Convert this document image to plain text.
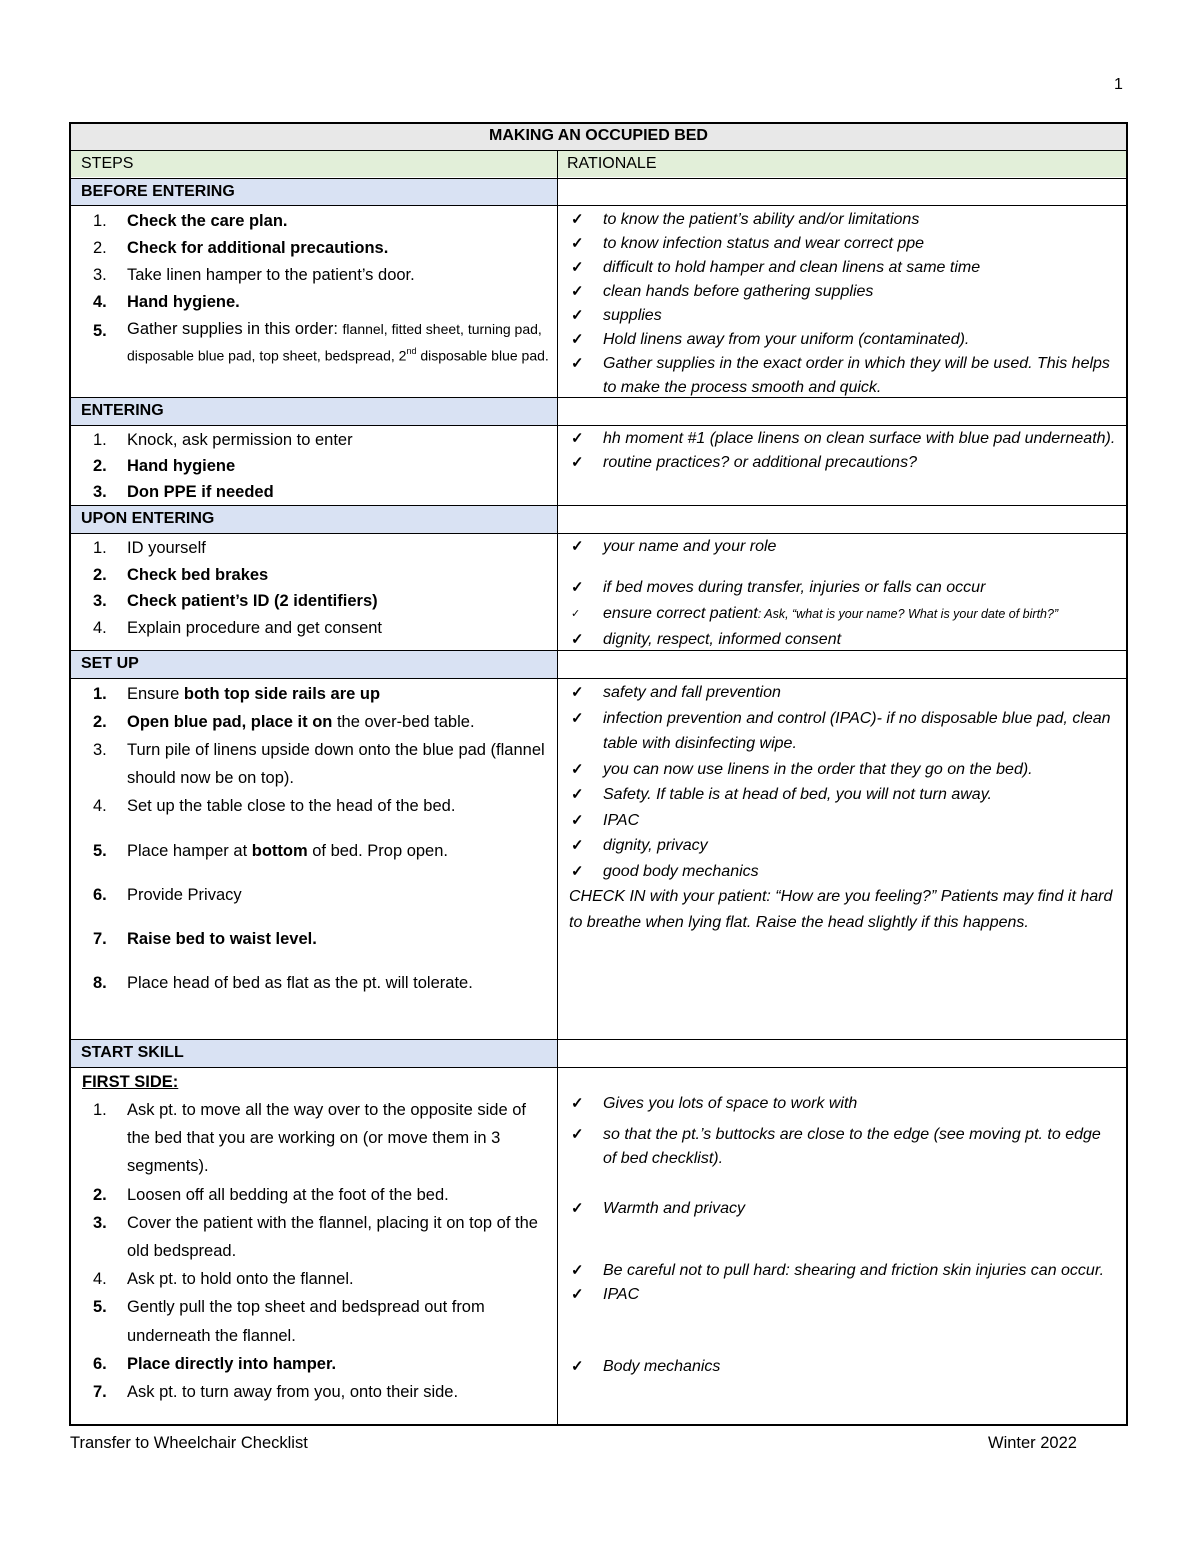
1
MAKING AN OCCUPIED BED
STEPS	RATIONALE
BEFORE ENTERING
1. Check the care plan.
2. Check for additional precautions.
3. Take linen hamper to the patient’s door.
4. Hand hygiene.
5. Gather supplies in this order: flannel, fitted sheet, turning pad, disposable blue pad, top sheet, bedspread, 2nd disposable blue pad.
✓ to know the patient’s ability and/or limitations
✓ to know infection status and wear correct ppe
✓ difficult to hold hamper and clean linens at same time
✓ clean hands before gathering supplies
✓ supplies
✓ Hold linens away from your uniform (contaminated).
✓ Gather supplies in the exact order in which they will be used. This helps to make the process smooth and quick.
ENTERING
1. Knock, ask permission to enter
2. Hand hygiene
3. Don PPE if needed
✓ hh moment #1 (place linens on clean surface with blue pad underneath).
✓ routine practices? or additional precautions?
UPON ENTERING
1. ID yourself
2. Check bed brakes
3. Check patient’s ID (2 identifiers)
4. Explain procedure and get consent
✓ your name and your role
✓ if bed moves during transfer, injuries or falls can occur
✓ ensure correct patient: Ask, “what is your name? What is your date of birth?”
✓ dignity, respect, informed consent
SET UP
1. Ensure both top side rails are up
2. Open blue pad, place it on the over-bed table.
3. Turn pile of linens upside down onto the blue pad (flannel should now be on top).
4. Set up the table close to the head of the bed.
5. Place hamper at bottom of bed. Prop open.
6. Provide Privacy
7. Raise bed to waist level.
8. Place head of bed as flat as the pt. will tolerate.
✓ safety and fall prevention
✓ infection prevention and control (IPAC)- if no disposable blue pad, clean table with disinfecting wipe.
✓ you can now use linens in the order that they go on the bed).
✓ Safety. If table is at head of bed, you will not turn away.
✓ IPAC
✓ dignity, privacy
✓ good body mechanics
CHECK IN with your patient: “How are you feeling?” Patients may find it hard to breathe when lying flat. Raise the head slightly if this happens.
START SKILL
FIRST SIDE:
1. Ask pt. to move all the way over to the opposite side of the bed that you are working on (or move them in 3 segments).
2. Loosen off all bedding at the foot of the bed.
3. Cover the patient with the flannel, placing it on top of the old bedspread.
4. Ask pt. to hold onto the flannel.
5. Gently pull the top sheet and bedspread out from underneath the flannel.
6. Place directly into hamper.
7. Ask pt. to turn away from you, onto their side.
✓ Gives you lots of space to work with
✓ so that the pt.’s buttocks are close to the edge (see moving pt. to edge of bed checklist).
✓ Warmth and privacy
✓ Be careful not to pull hard: shearing and friction skin injuries can occur.
✓ IPAC
✓ Body mechanics
Transfer to Wheelchair Checklist	Winter 2022
